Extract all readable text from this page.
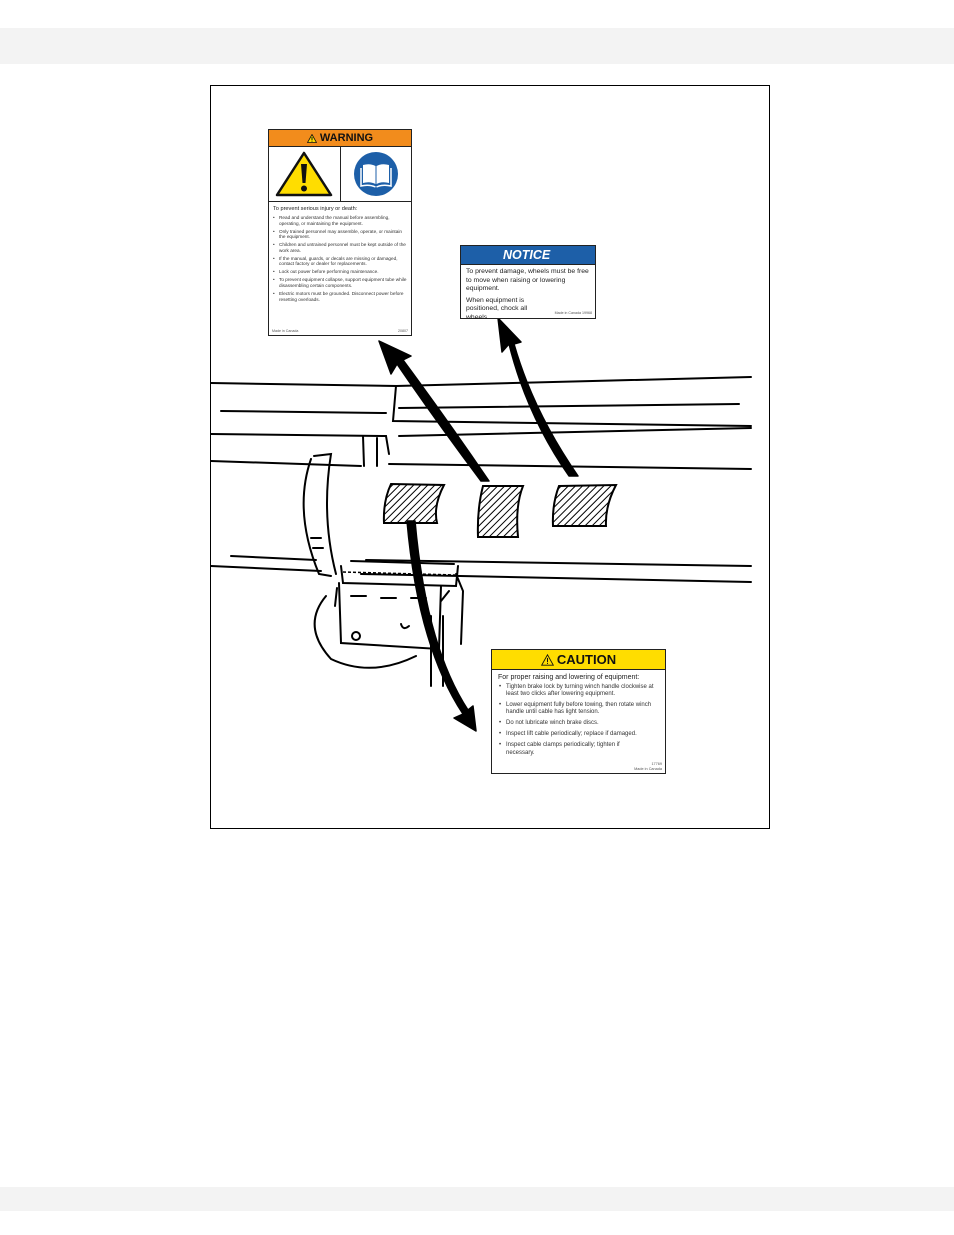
WARNING
To prevent serious injury or death:
• Read and understand the manual before assembling, operating, or maintaining the equipment.
• Only trained personnel may assemble, operate, or maintain the equipment.
• Children and untrained personnel must be kept outside of the work area.
• If the manual, guards, or decals are missing or damaged, contact factory or dealer for replacements.
• Lock out power before performing maintenance.
• To prevent equipment collapse, support equipment tube while disassembling certain components.
• Electric motors must be grounded. Disconnect power before resetting overloads.
Made in Canada	20807
NOTICE

To prevent damage, wheels must be free to move when raising or lowering equipment.

When equipment is positioned, chock all wheels.

Made in Canada 19968
CAUTION
For proper raising and lowering of equipment:
• Tighten brake lock by turning winch handle clockwise at least two clicks after lowering equipment.
• Lower equipment fully before towing, then rotate winch handle until cable has light tension.
• Do not lubricate winch brake discs.
• Inspect lift cable periodically; replace if damaged.
• Inspect cable clamps periodically; tighten if necessary.
17769
Made in Canada
